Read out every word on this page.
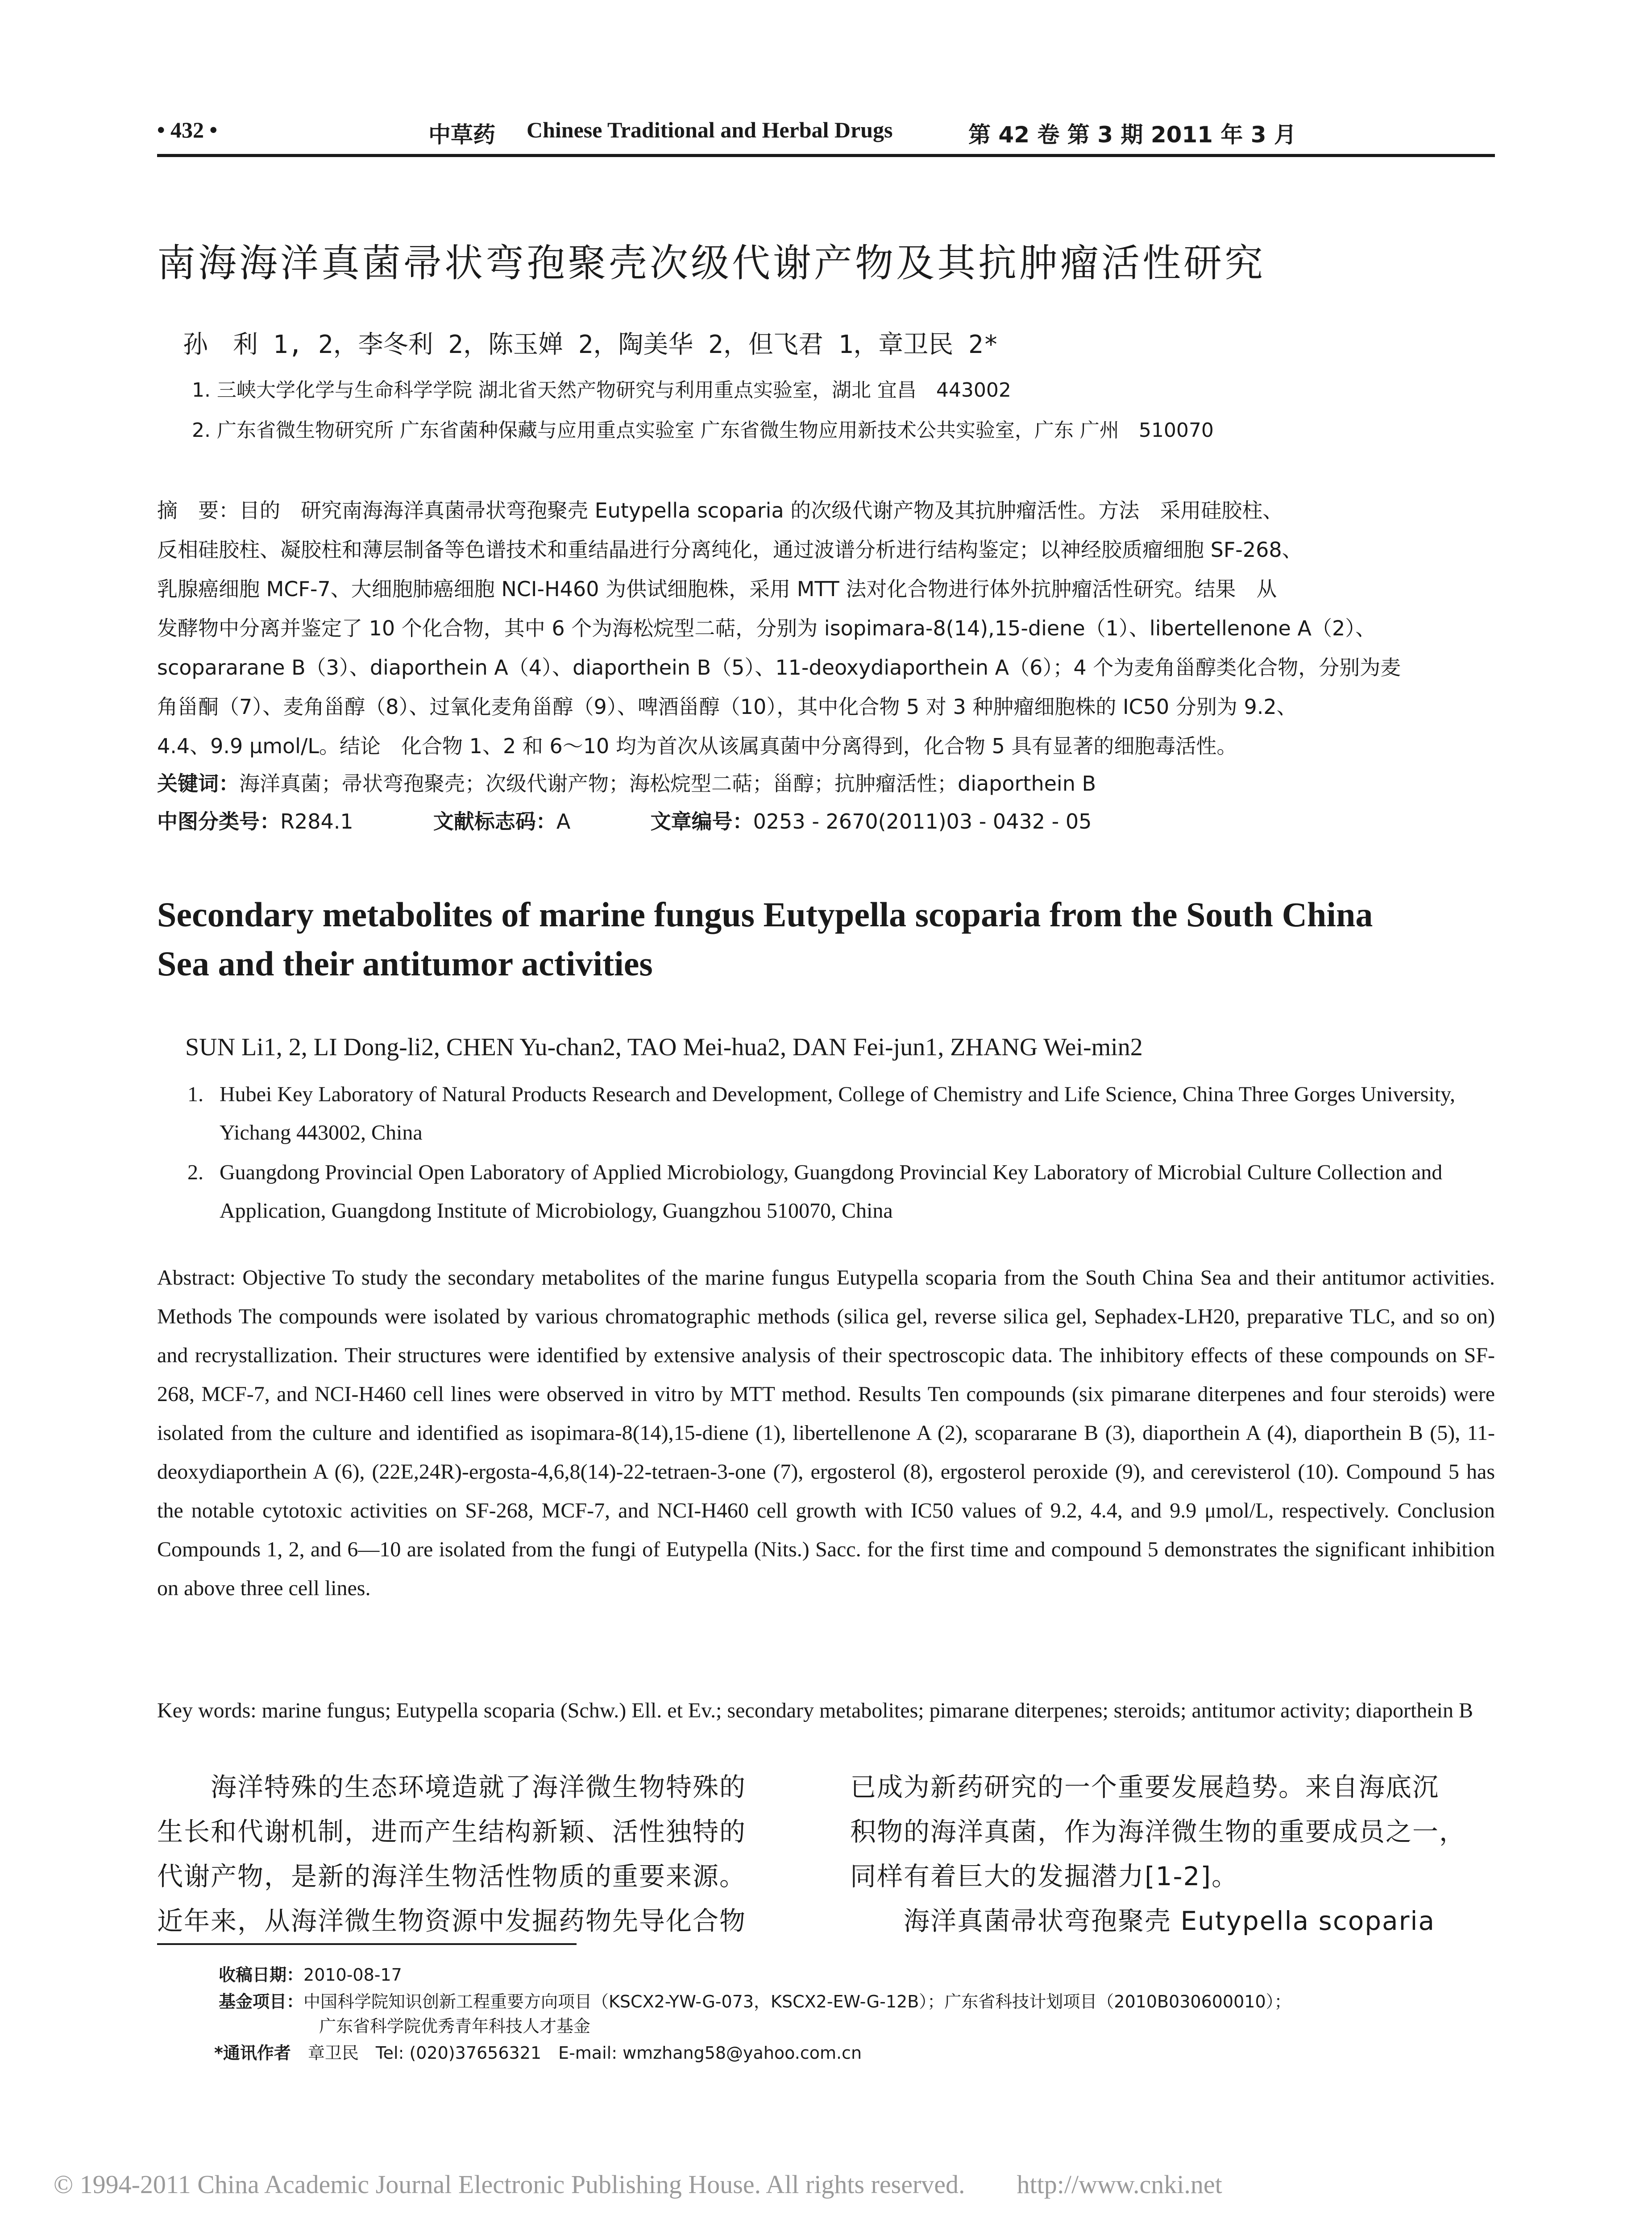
• 432 •	中草药 Chinese Traditional and Herbal Drugs	第 42 卷 第 3 期 2011 年 3 月
南海海洋真菌帚状弯孢聚壳次级代谢产物及其抗肿瘤活性研究
孙　利 1, 2，李冬利 2，陈玉婵 2，陶美华 2，但飞君 1，章卫民 2*
1. 三峡大学化学与生命科学学院 湖北省天然产物研究与利用重点实验室，湖北 宜昌　443002
2. 广东省微生物研究所 广东省菌种保藏与应用重点实验室 广东省微生物应用新技术公共实验室，广东 广州　510070
摘　要：目的　研究南海海洋真菌帚状弯孢聚壳 Eutypella scoparia 的次级代谢产物及其抗肿瘤活性。方法　采用硅胶柱、
反相硅胶柱、凝胶柱和薄层制备等色谱技术和重结晶进行分离纯化，通过波谱分析进行结构鉴定；以神经胶质瘤细胞 SF-268、
乳腺癌细胞 MCF-7、大细胞肺癌细胞 NCI-H460 为供试细胞株，采用 MTT 法对化合物进行体外抗肿瘤活性研究。结果　从
发酵物中分离并鉴定了 10 个化合物，其中 6 个为海松烷型二萜，分别为 isopimara-8(14),15-diene（1）、libertellenone A（2）、
scopararane B（3）、diaporthein A（4）、diaporthein B（5）、11-deoxydiaporthein A（6）；4 个为麦角甾醇类化合物，分别为麦
角甾酮（7）、麦角甾醇（8）、过氧化麦角甾醇（9）、啤酒甾醇（10），其中化合物 5 对 3 种肿瘤细胞株的 IC50 分别为 9.2、
4.4、9.9 μmol/L。结论　化合物 1、2 和 6～10 均为首次从该属真菌中分离得到，化合物 5 具有显著的细胞毒活性。
关键词：海洋真菌；帚状弯孢聚壳；次级代谢产物；海松烷型二萜；甾醇；抗肿瘤活性；diaporthein B
中图分类号：R284.1	文献标志码：A	文章编号：0253 - 2670(2011)03 - 0432 - 05
Secondary metabolites of marine fungus Eutypella scoparia from the South China
Sea and their antitumor activities
SUN Li1, 2, LI Dong-li2, CHEN Yu-chan2, TAO Mei-hua2, DAN Fei-jun1, ZHANG Wei-min2
1. Hubei Key Laboratory of Natural Products Research and Development, College of Chemistry and Life Science, China Three Gorges University, Yichang 443002, China
2. Guangdong Provincial Open Laboratory of Applied Microbiology, Guangdong Provincial Key Laboratory of Microbial Culture Collection and Application, Guangdong Institute of Microbiology, Guangzhou 510070, China
Abstract: Objective To study the secondary metabolites of the marine fungus Eutypella scoparia from the South China Sea and their antitumor activities. Methods The compounds were isolated by various chromatographic methods (silica gel, reverse silica gel, Sephadex-LH20, preparative TLC, and so on) and recrystallization. Their structures were identified by extensive analysis of their spectroscopic data. The inhibitory effects of these compounds on SF-268, MCF-7, and NCI-H460 cell lines were observed in vitro by MTT method. Results Ten compounds (six pimarane diterpenes and four steroids) were isolated from the culture and identified as isopimara-8(14),15-diene (1), libertellenone A (2), scopararane B (3), diaporthein A (4), diaporthein B (5), 11-deoxydiaporthein A (6), (22E,24R)-ergosta-4,6,8(14)-22-tetraen-3-one (7), ergosterol (8), ergosterol peroxide (9), and cerevisterol (10). Compound 5 has the notable cytotoxic activities on SF-268, MCF-7, and NCI-H460 cell growth with IC50 values of 9.2, 4.4, and 9.9 μmol/L, respectively. Conclusion Compounds 1, 2, and 6—10 are isolated from the fungi of Eutypella (Nits.) Sacc. for the first time and compound 5 demonstrates the significant inhibition on above three cell lines.
Key words: marine fungus; Eutypella scoparia (Schw.) Ell. et Ev.; secondary metabolites; pimarane diterpenes; steroids; antitumor activity; diaporthein B
　　海洋特殊的生态环境造就了海洋微生物特殊的
生长和代谢机制，进而产生结构新颖、活性独特的
代谢产物，是新的海洋生物活性物质的重要来源。
近年来，从海洋微生物资源中发掘药物先导化合物
已成为新药研究的一个重要发展趋势。来自海底沉
积物的海洋真菌，作为海洋微生物的重要成员之一，
同样有着巨大的发掘潜力[1-2]。
　　海洋真菌帚状弯孢聚壳 Eutypella scoparia
收稿日期：2010-08-17
基金项目：中国科学院知识创新工程重要方向项目（KSCX2-YW-G-073，KSCX2-EW-G-12B）；广东省科技计划项目（2010B030600010）；
广东省科学院优秀青年科技人才基金
*通讯作者　 章卫民　Tel: (020)37656321　E-mail: wmzhang58@yahoo.com.cn
© 1994-2011 China Academic Journal Electronic Publishing House. All rights reserved.　　http://www.cnki.net
